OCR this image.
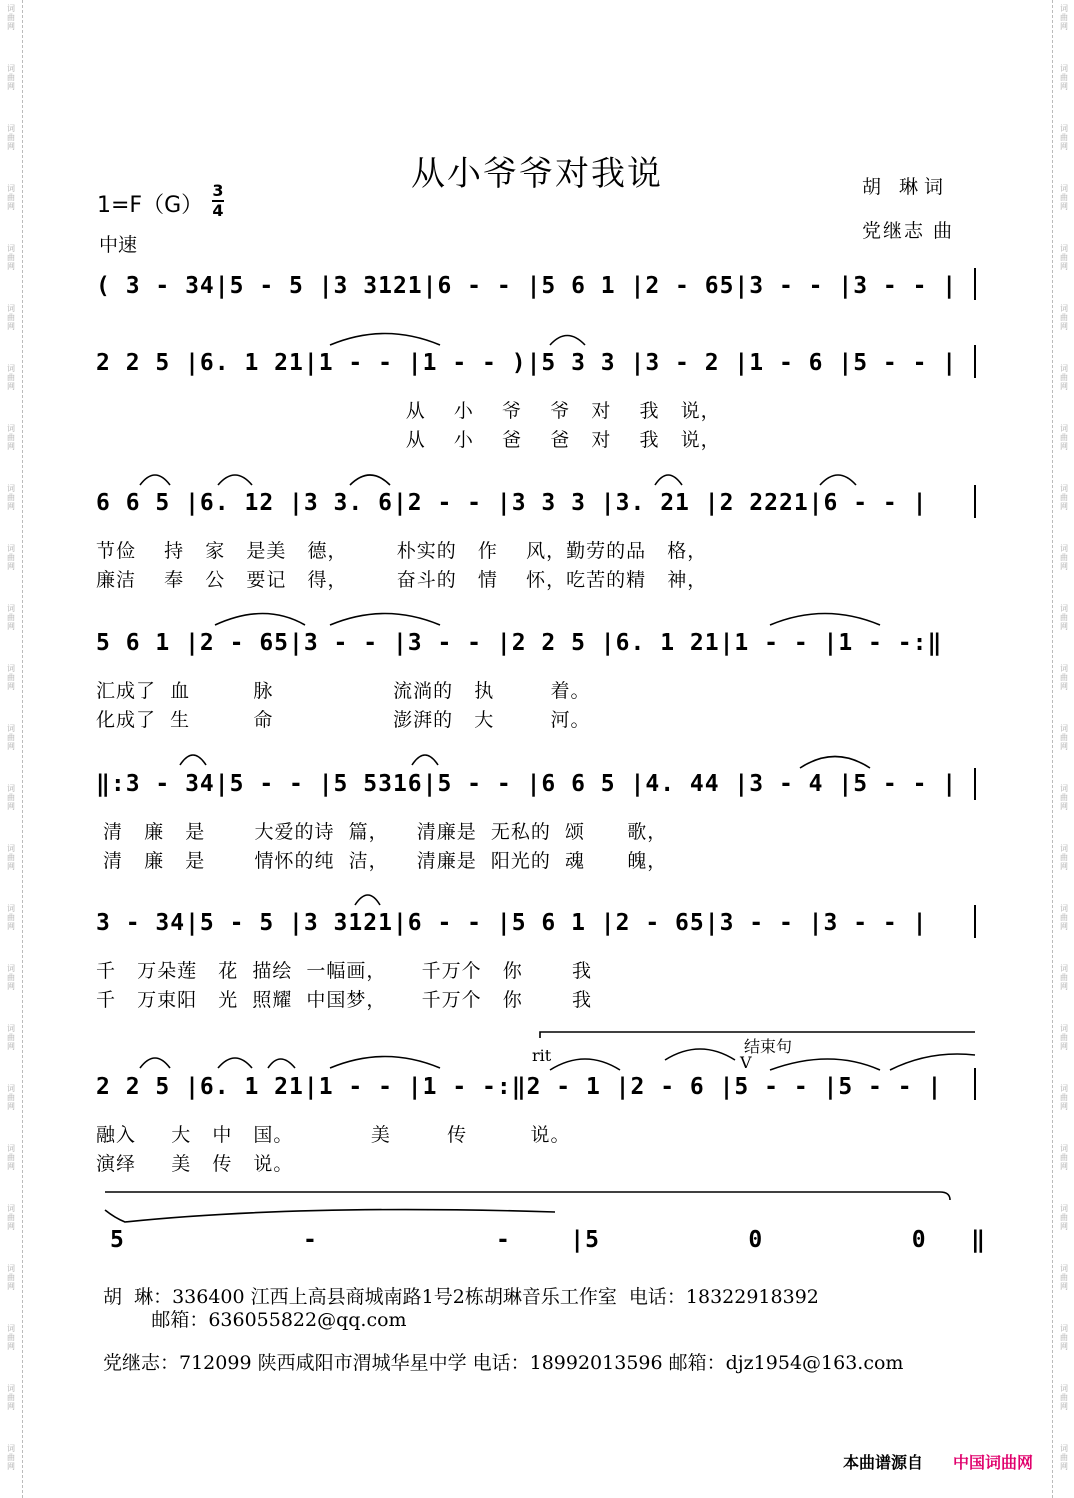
词
曲
网
词
曲
网
词
曲
网
词
曲
网
词
曲
网
词
曲
网
词
曲
网
词
曲
网
词
曲
网
词
曲
网
词
曲
网
词
曲
网
词
曲
网
词
曲
网
词
曲
网
词
曲
网
词
曲
网
词
曲
网
词
曲
网
词
曲
网
词
曲
网
词
曲
网
词
曲
网
词
曲
网
词
曲
网
词
曲
网
词
曲
网
词
曲
网
词
曲
网
词
曲
网
词
曲
网
词
曲
网
词
曲
网
词
曲
网
词
曲
网
词
曲
网
词
曲
网
词
曲
网
词
曲
网
词
曲
网
词
曲
网
词
曲
网
词
曲
网
词
曲
网
词
曲
网
词
曲
网
词
曲
网
词
曲
网
词
曲
网
词
曲
网
从小爷爷对我说	胡 琳词
党继志 曲
1=F（G）
3
4
中速
( 3 - 34|5 - 5 |3 3121|6 - - |5 6 1 |2 - 65|3 - - |3 - - |
2 2 5 |6. 1 21|1 - - |1 - - )|5 3 3 |3 - 2 |1 - 6 |5 - - |
从    小    爷    爷   对    我   说，
从    小    爸    爸   对    我   说，
6 6 5 |6. 12 |3 3. 6|2 - - |3 3 3 |3. 21 |2 2221|6 - - |
节俭    持   家   是美   德，       朴实的   作    风，勤劳的品   格，
廉洁    奉   公   要记   得，       奋斗的   情    怀，吃苦的精   神，
5 6 1 |2 - 65|3 - - |3 - - |2 2 5 |6. 1 21|1 - - |1 - -:‖
汇成了  血         脉                 流淌的   执        着。
化成了  生         命                 澎湃的   大        河。
‖:3 - 34|5 - - |5 5316|5 - - |6 6 5 |4. 44 |3 - 4 |5 - - |
清   廉   是       大爱的诗  篇，    清廉是  无私的  颂      歌，
清   廉   是       情怀的纯  洁，    清廉是  阳光的  魂      魄，
3 - 34|5 - 5 |3 3121|6 - - |5 6 1 |2 - 65|3 - - |3 - - |
千   万朵莲   花  描绘  一幅画，     千万个   你       我
千   万束阳   光  照耀  中国梦，     千万个   你       我
rit	结束句
V
2 2 5 |6. 1 21|1 - - |1 - -:‖2 - 1 |2 - 6 |5 - - |5 - - |
融入     大   中   国。           美        传         说。
演绎     美   传   说。
5            -            -    |5          0          0   ‖
胡  琳：336400 江西上高县商城南路1号2栋胡琳音乐工作室  电话：18322918392
邮箱：636055822@qq.com
党继志：712099 陕西咸阳市渭城华星中学 电话：18992013596 邮箱：djz1954@163.com
本曲谱源自 中国词曲网
